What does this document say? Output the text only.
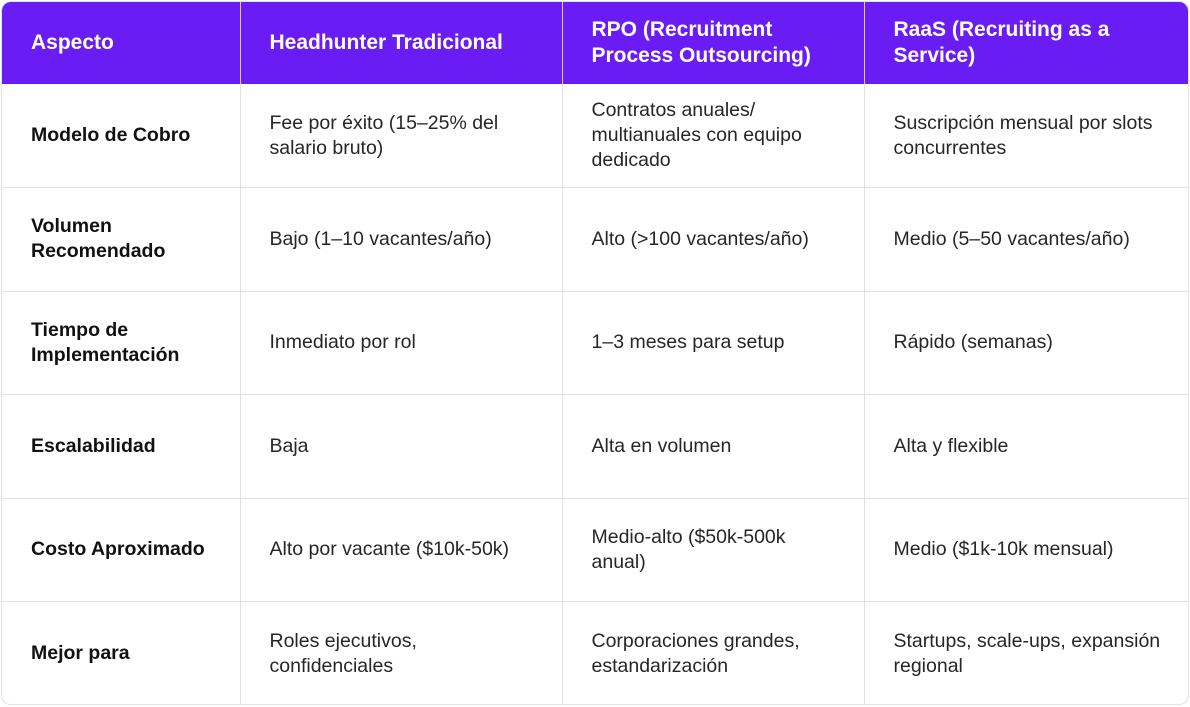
Aspecto	Headhunter Tradicional	RPO (Recruitment Process Outsourcing)	RaaS (Recruiting as a Service)
Modelo de Cobro	Fee por éxito (15–25% del salario bruto)	Contratos anuales/ multianuales con equipo dedicado	Suscripción mensual por slots concurrentes
Volumen Recomendado	Bajo (1–10 vacantes/año)	Alto (>100 vacantes/año)	Medio (5–50 vacantes/año)
Tiempo de Implementación	Inmediato por rol	1–3 meses para setup	Rápido (semanas)
Escalabilidad	Baja	Alta en volumen	Alta y flexible
Costo Aproximado	Alto por vacante ($10k-50k)	Medio-alto ($50k-500k anual)	Medio ($1k-10k mensual)
Mejor para	Roles ejecutivos, confidenciales	Corporaciones grandes, estandarización	Startups, scale-ups, expansión regional
